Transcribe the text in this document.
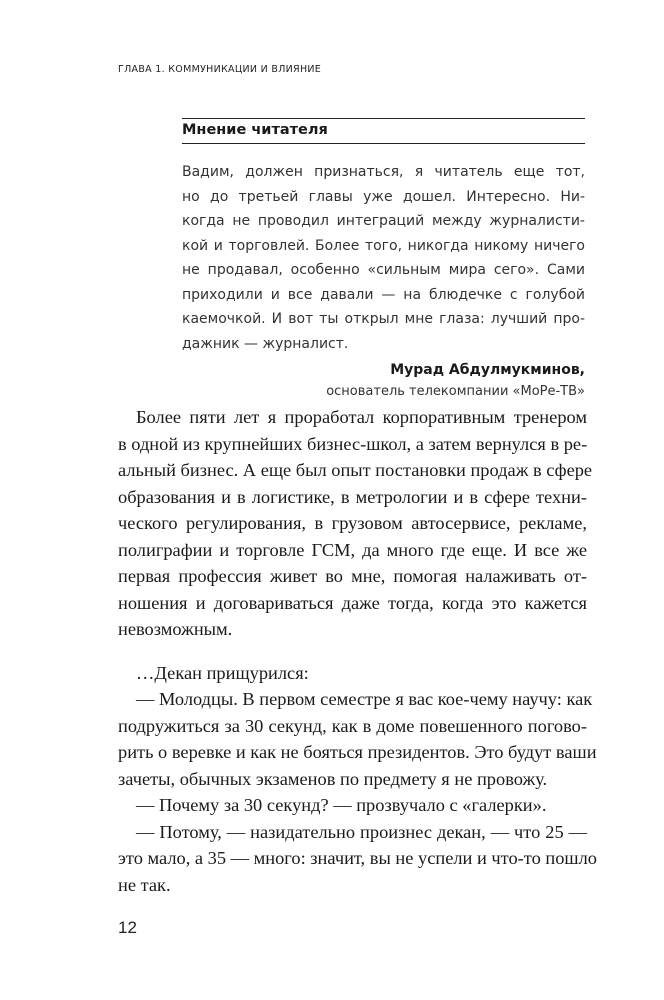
ГЛАВА 1. КОММУНИКАЦИИ И ВЛИЯНИЕ
Мнение читателя
Вадим, должен признаться, я читатель еще тот,
но до третьей главы уже дошел. Интересно. Ни-
когда не проводил интеграций между журналисти-
кой и торговлей. Более того, никогда никому ничего
не продавал, особенно «сильным мира сего». Сами
приходили и все давали — на блюдечке с голубой
каемочкой. И вот ты открыл мне глаза: лучший про-
дажник — журналист.
Мурад Абдулмукминов,
основатель телекомпании «МоРе-ТВ»
Более пяти лет я проработал корпоративным тренером
в одной из крупнейших бизнес-школ, а затем вернулся в ре-
альный бизнес. А еще был опыт постановки продаж в сфере
образования и в логистике, в метрологии и в сфере техни-
ческого регулирования, в грузовом автосервисе, рекламе,
полиграфии и торговле ГСМ, да много где еще. И все же
первая профессия живет во мне, помогая налаживать от-
ношения и договариваться даже тогда, когда это кажется
невозможным.
…Декан прищурился:
— Молодцы. В первом семестре я вас кое-чему научу: как
подружиться за 30 секунд, как в доме повешенного погово-
рить о веревке и как не бояться президентов. Это будут ваши
зачеты, обычных экзаменов по предмету я не провожу.
— Почему за 30 секунд? — прозвучало с «галерки».
— Потому, — назидательно произнес декан, — что 25 —
это мало, а 35 — много: значит, вы не успели и что-то пошло
не так.
12
